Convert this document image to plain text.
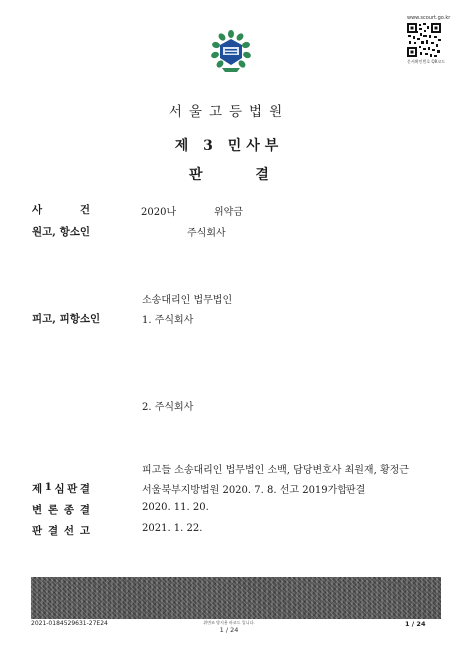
www.scourt.go.kr
문서확인번호 QR코드
서울고등법원
제 3 민사부
판 결
사	건	2020나	위약금
원고, 항소인	주식회사
소송대리인 법무법인
피고, 피항소인	1. 주식회사
2. 주식회사
피고들 소송대리인 법무법인 소백, 담당변호사 최원재, 황정근
제 1 심 판 결	서울북부지방법원 2020. 7. 8. 선고 2019가합 판결
변 론 종 결	2020. 11. 20.
판 결 선 고	2021. 1. 22.
2021-0184529631-27E24	위변조 방지용 바코드 입니다.
1 / 24
1 / 24
